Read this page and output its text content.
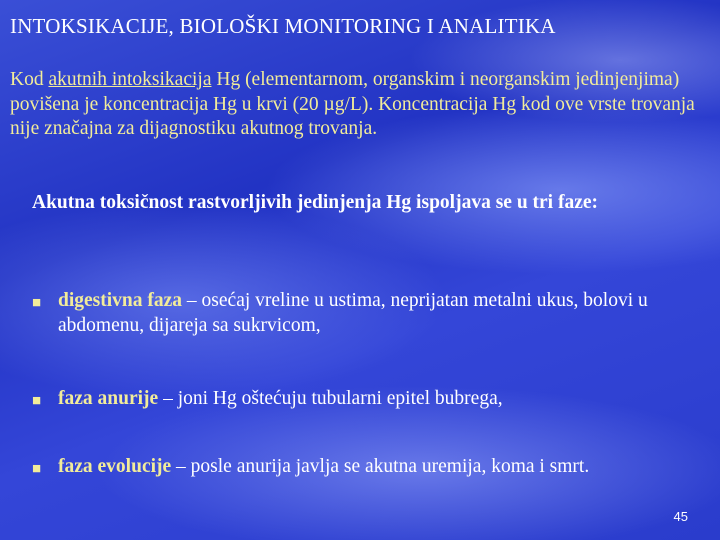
INTOKSIKACIJE, BIOLOŠKI MONITORING I ANALITIKA
Kod akutnih intoksikacija Hg (elementarnom, organskim i neorganskim jedinjenjima) povišena je koncentracija Hg u krvi (20 µg/L). Koncentracija Hg kod ove vrste trovanja nije značajna za dijagnostiku akutnog trovanja.
Akutna toksičnost rastvorljivih jedinjenja Hg ispoljava se u tri faze:
■ digestivna faza – osećaj vreline u ustima, neprijatan metalni ukus, bolovi u abdomenu, dijareja sa sukrvicom,
■ faza anurije – joni Hg oštećuju tubularni epitel bubrega,
■ faza evolucije – posle anurija javlja se akutna uremija, koma i smrt.
45
